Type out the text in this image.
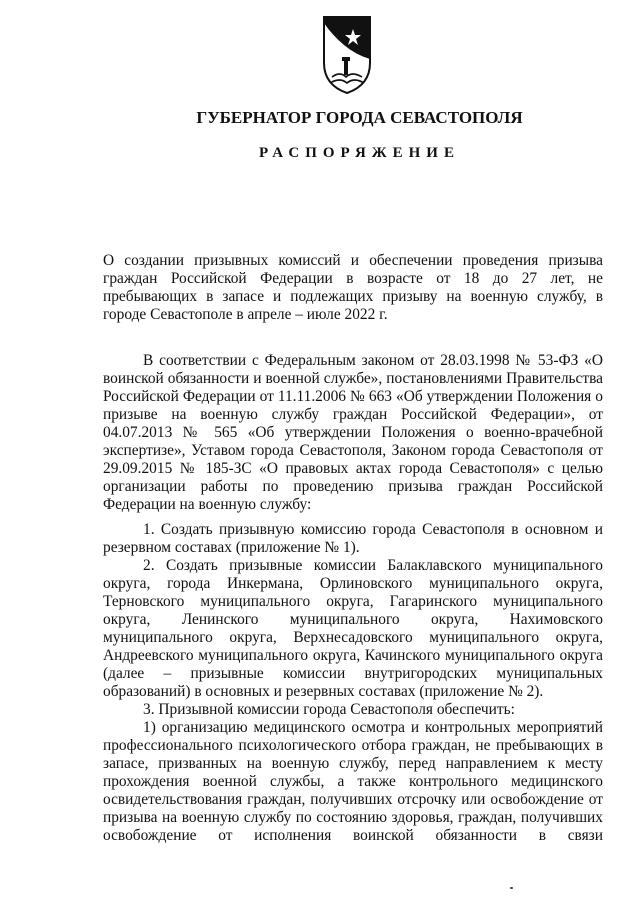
ГУБЕРНАТОР ГОРОДА СЕВАСТОПОЛЯ
РАСПОРЯЖЕНИЕ

О создании призывных комиссий и обеспечении проведения призыва граждан Российской Федерации в возрасте от 18 до 27 лет, не пребывающих в запасе и подлежащих призыву на военную службу, в городе Севастополе в апреле – июле 2022 г.

В соответствии с Федеральным законом от 28.03.1998 № 53-ФЗ «О воинской обязанности и военной службе», постановлениями Правительства Российской Федерации от 11.11.2006 № 663 «Об утверждении Положения о призыве на военную службу граждан Российской Федерации», от 04.07.2013 № 565 «Об утверждении Положения о военно-врачебной экспертизе», Уставом города Севастополя, Законом города Севастополя от 29.09.2015 № 185-ЗС «О правовых актах города Севастополя» с целью организации работы по проведению призыва граждан Российской Федерации на военную службу:

1. Создать призывную комиссию города Севастополя в основном и резервном составах (приложение № 1).

2. Создать призывные комиссии Балаклавского муниципального округа, города Инкермана, Орлиновского муниципального округа, Терновского муниципального округа, Гагаринского муниципального округа, Ленинского муниципального округа, Нахимовского муниципального округа, Верхнесадовского муниципального округа, Андреевского муниципального округа, Качинского муниципального округа (далее – призывные комиссии внутригородских муниципальных образований) в основных и резервных составах (приложение № 2).

3. Призывной комиссии города Севастополя обеспечить:

1) организацию медицинского осмотра и контрольных мероприятий профессионального психологического отбора граждан, не пребывающих в запасе, призванных на военную службу, перед направлением к месту прохождения военной службы, а также контрольного медицинского освидетельствования граждан, получивших отсрочку или освобождение от призыва на военную службу по состоянию здоровья, граждан, получивших освобождение от исполнения воинской обязанности в связи
